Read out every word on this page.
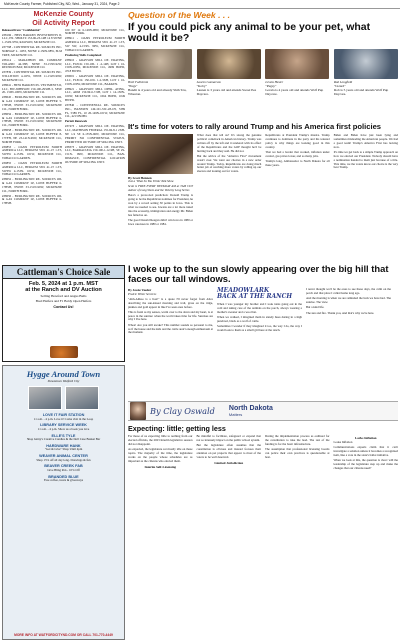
McKenzie County Farmer, Published City, ND, Wed., January 31, 2024, Page 2
McKenzie County
Oil Activity Report

Released from "Confidential"

#38196 - HESS BAKKEN INVESTMENTS II, LLC, EN- SHOLTZ 153-96-23-14H 14 8 SWNE 1-152N-95W, RAWSON, MCKENZIE CO.

#37798 - CONTINENTAL RE- SOURCES INC. NORWAY 2- 11H3, NWNE 2-150N-98W, ELM TREE, MCKENZIE CO.

#38114 - MARATHON OIL COMPANY TOLAND 44-33H, NENE 33-153N-92W, REUNION BAY, MCKENZIE CO.

#37839 - CONTINENTAL RE- SOURCES INC. WILLISTON 4-11H1, NENE 11-152N-99W, MCKENZIE CO.

#38041 - HESS BAKKEN IN- VESTMENTS II, LLC, BW-JOHNSON 150-100-2932H-3, SESE 20- 150N-100W, MCKENZIE CO.

#38045 - BURLINGTON RE- SOURCES OIL & GAS COMPANY LP, LONE BUFFER 5-17HSH, NWNE 33-151N-99W, MCKENZIE CO., NORTH FORK.

#38056 - BURLINGTON RE- SOURCES OIL & GAS COMPANY LP, LONE BUFFER 6-17HSH, NWNE 33-151N-99W, MCKENZIE CO., NORTH FORK.

#38058 - BURLINGTON RE- SOURCES OIL & GAS COMPANY LP, LONE BUFFER 8-17TFH, NE 23-141N-99W, MCKENZIE CO., NORTH FORK.

#39853 - OASIS PETROLEUM NORTH AMERICA LLC, BERGEM 5301 41-1T 1-T3, SWSW 4-153N- 101W, MCKENZIE CO., TOBACCO GARDEN.

#39855 - OASIS PETROLEUM NORTH AMERICA LLC, BERGEM 5301 41-1T 1-T3, SWSW 4-153N- 101W, MCKENZIE CO., TOBACCO GARDEN.

#38052 - BURLINGTON RE- SOURCES OIL & GAS COMPANY LP, LONE BUFFER 6-17HSH, NWNE 33-151N-99W, MCKENZIE CO., NORTH FORK.

#38050 - BURLINGTON RE- SOURCES OIL & GAS COMPANY LP, LONE BUFFER 6-17HSH.

100 00' 14 6-149N-98W, MCKENZIE CO., NORTH FORK.

#38911 - OASIS PETROLEUM NORTH AMERICA LLC, BERGEM 5301 41-1T 1-T3, SW SW, 4-153N- 99W, MCKENZIE CO., TOBACCO GARDEN.

Producing Wells Completed

#38910 - GRAYSON MILL OP- ERATING, LLC, FLECK 150-100- 1 -2-14H, LOT 1 16-150N-100W, MCKENZIE CO., 4999 BOPD, 4718 BWPD.

#39001 - GRAYSON MILL OP- ERATING, LLC, FLECK 150-100- 1-2-3XH, LOT 1 16-150N-100W, MCKENZIE CO., BAKKEN.

#38921 - GRAYSON MILL OPER- ATING, LLC, ADM 150-99-6-7-9H, LOT 1 14-150N-100W, MCKENZIE CO., 1064 BOPD, 1049 BWPD.

#37840 - CONTINENTAL RE- SOURCES INC., HANSSEN 149-101-33C-28-1H, 5389 FL, 5389 FL, 10 20-149N-101W, MCKENZIE CO., 4213 BOPD.

Permit Renewals

#37473 - GRAYSON MILL OP- ERATING, LLC, MATHISON FEDERAL 155-96-8-1 2XH-NE 1/4 SE 6-155N-96W, MCKENZIE CO., PERMIT NO CONFIDENTIAL STATUS, PERMITTED OUTSIDE OF SPACING UNIT.

#38373 - GRAYSON MILL OP- ERATING, LLC, BARRACUDA 150-100-1-12-9H, SE 29-151N- 99W, MCKENZIE CO., BAN- DIMASCE, CONFIDENTIAL LOCATION OUTSIDE OF SPACING UNIT.

Question of the Week . . .
If you could pick any animal to be your pet, what would it be?
Brett Fahlstrom
"Pugs"
Bandit is 4 years old and already Shih Tzu, Wheaton.
Lauren Gunnarson
"Koby"
Lauren is 3 years old and attends Sweet Pea Daycare.
Levela Hester
"Pugsy"
Levela is 4 years old and attends Wolf Pup Daycare.
Rob Longfield
"Lizard"
Rob is 5 years old and attends Wolf Pup Daycare.
It's time for voters to rally around Trump and his America first policies
By Scott Hennen

Just a 'What So You Think' Talk Show

Scott is FREE EVERY WEEKDAY AM at 7AM CDT Author of Long Shots and the Velocity Long Series

Here's a prove-tied prediction: Donald Trump is going to be the Republican nominee for President, he won by a record setting 30 points in Iowa. This is what we needed to see. Iowans are a lot more tuned into the economy, immigration and energy Mr. Biden has failed us on.

The good Donald Reagan didn't win Iowa in 1980 or Iowa caucuses in 1980 or 1984.

What does that tell us? It's strong the genuine political comeback in American history. Trump was written off by the left and it rendered with its effect of the Republicans and the GOP thought he'd be hurting back and they said. He did not.

But the advice of the "America First" movement wasn't over. We want our choices in a new order around Trump. Today, Republicans are doing much better job of reaching more voters by rolling up our sleeves and looking out for voters.

Republicans at President Trump's mantra. Trump continues to dominate in the party and his tenured policy is why things are looking good in this country.

That we had a border that worked, inflation under control, gas prices lower, and so many jobs.

Trump's long, Ambassador to North Dakota for all these years.

Biden and Biden have just been lying and sometimes misleading the American people. We had a good team! Trump's America First has leaving now.

It's time we get back to a simple Trump approach on how we elected our President. Nobody should have a nomination handed to them just because of a title. This time, we the voters know our choice is the very best Trump.

Cattleman's Choice Sale
Feb. 5, 2024 at 1 p.m. MST
at the Ranch and DV Auction
Selling Hereford and Angus Bulls
Bred Heifers and F1 Baldy Open Heifers
Contact Us!
Hygge Around Town
Downtown Watford City
LOVE IT FAIR STATION
11 a.m. - 4 p.m. Love it! Come visit in the Loop
LIBRARY SERVICE WEEK
11 a.m. - 4 p.m. Show us a book you love
ELLE'S TYLE
Shop Jenny's Creative Candles & the Doll Case Basket Bar
HARDWARE HANK
"Get & Give" Shop Until 4pm
WEAVER ANIMAL CENTER
Shop 15% off all day long. Drawings & fun
BEAVER CREEK FAB
Give Bling Pen - 10% Off
BRANDED BLUE
Free coffee, treats & giveaways
MORE INFO AT WATFORDCITYND.COM OR CALL 701-770-4449
I woke up to the sun slowly appearing over the big hill that faces our tall windows.
By Jessie Veeder

Prairie Writer Services

"Ahh-Ahhoo is a lion!" is a quote I'll never forget from Alice describing the sun-kissed morning and trail, grass on the ridge, pinkies and gold appear in like I've seen ones before.

This is fresh as my senses, warm over to the dawn and my heart, is at peace in the sunrise: when the world takes time for life. Sunrises are why I live here.

Whoa! Are you still awake? This number sounds so personal to me, as if the house and the kids and the cattle aren't enough enthusiasm at the moment.

MEADOWLARK
BACK AT THE RANCH

When I was younger my brother and I took turns going out in the cold and taking care of the animals on the porch, always wearing a mother's sweater and a wool hat.

When we walked, I imagined them in stately hues during in a high purebred, black as a wolf of cattle.

Sometimes I wonder if they imagined it too, the way I do, the way I would look to them as a small girl here at the ranch.

I never thought we'd be the ones to see these days, the calm on the porch and that place I called home long ago.

And the morning is when we are reminded the luck we have had. The sunrise. The view.

But a kind life.

The sun and fire. Thank you, And that's why we're here.

By Clay Oswald North Dakota
Matters
Expecting: little; getting less

For those of us expecting little to nothing from our elected officials, the 2023 Interim legislative session did not disappoint.

As expected, the legislature sat mostly idle on these topics. The majority of the time, the legislature works on the people whose schedules are as important as the citizens who elected them.

Interim Self-Licensing

Be mindful to facilitate, safeguard or expand that not so intensely impact on the public school system.

But the legislature often assumes that the constitution is obvious and instead focuses their attention on pet projects that appear to most of the voters to be well deserved.

Limited Jurisdiction

During the implementation process as outlined for the constitution to take the lead. The rest of the funding is for the basic infrastructure.

The assumption that professional licensing boards can police their own practices is questionable at best.

Larks Inflation

Looks Inflation

Communications experts claim that it can't investigate a solution unless it becomes a recognized item, like a vote in the state's ballot initiative.

When we look at this, the question is clear: will the leadership of the legislature step up and make the changes that our citizens need?
